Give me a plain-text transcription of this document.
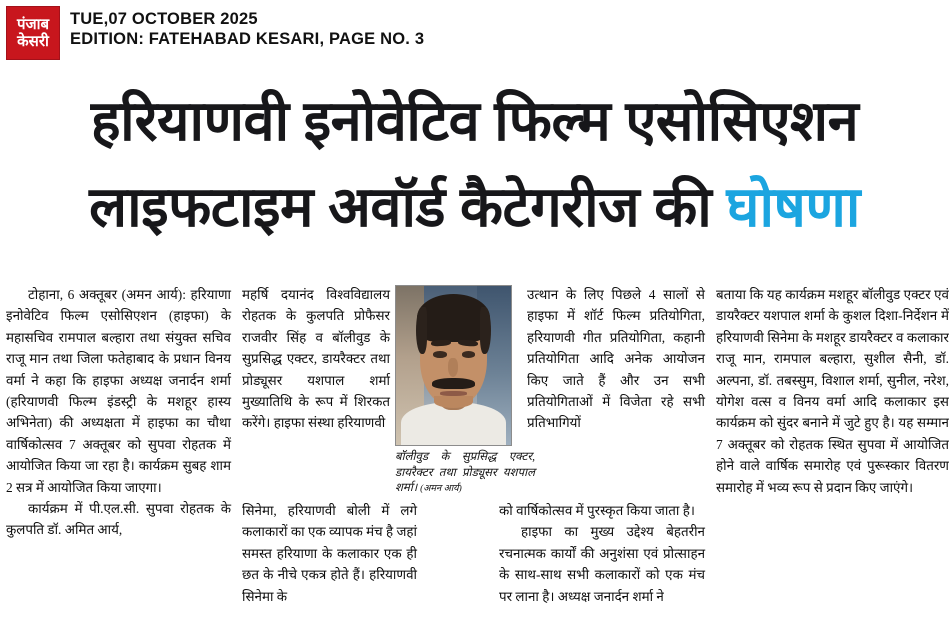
पंजाब
केसरी
TUE,07 OCTOBER 2025
EDITION: FATEHABAD KESARI, PAGE NO. 3
हरियाणवी इनोवेटिव फिल्म एसोसिएशन
लाइफटाइम अवॉर्ड कैटेगरीज की घोषणा

टोहाना, 6 अक्तूबर (अमन आर्य): हरियाणा इनोवेटिव फिल्म एसोसिएशन (हाइफा) के महासचिव रामपाल बल्हारा तथा संयुक्त सचिव राजू मान तथा जिला फतेहाबाद के प्रधान विनय वर्मा ने कहा कि हाइफा अध्यक्ष जनार्दन शर्मा (हरियाणवी फिल्म इंडस्ट्री के मशहूर हास्य अभिनेता) की अध्यक्षता में हाइफा का चौथा वार्षिकोत्सव 7 अक्तूबर को सुपवा रोहतक में आयोजित किया जा रहा है। कार्यक्रम सुबह शाम 2 सत्र में आयोजित किया जाएगा।

कार्यक्रम में पी.एल.सी. सुपवा रोहतक के कुलपति डॉ. अमित आर्य,

महर्षि दयानंद विश्वविद्यालय रोहतक के कुलपति प्रोफैसर राजवीर सिंह व बॉलीवुड के सुप्रसिद्ध एक्टर, डायरैक्टर तथा प्रोड्यूसर यशपाल शर्मा मुख्यातिथि के रूप में शिरकत करेंगे। हाइफा संस्था हरियाणवी

सिनेमा, हरियाणवी बोली में लगे कलाकारों का एक व्यापक मंच है जहां समस्त हरियाणा के कलाकार एक ही छत के नीचे एकत्र होते हैं। हरियाणवी सिनेमा के

उत्थान के लिए पिछले 4 सालों से हाइफा में शॉर्ट फिल्म प्रतियोगिता, हरियाणवी गीत प्रतियोगिता, कहानी प्रतियोगिता आदि अनेक आयोजन किए जाते हैं और उन सभी प्रतियोगिताओं में विजेता रहे सभी प्रतिभागियों

को वार्षिकोत्सव में पुरस्कृत किया जाता है।

हाइफा का मुख्य उद्देश्य बेहतरीन रचनात्मक कार्यों की अनुशंसा एवं प्रोत्साहन के साथ-साथ सभी कलाकारों को एक मंच पर लाना है। अध्यक्ष जनार्दन शर्मा ने

बताया कि यह कार्यक्रम मशहूर बॉलीवुड एक्टर एवं डायरैक्टर यशपाल शर्मा के कुशल दिशा-निर्देशन में हरियाणवी सिनेमा के मशहूर डायरैक्टर व कलाकार राजू मान, रामपाल बल्हारा, सुशील सैनी, डॉ. अल्पना, डॉ. तबस्सुम, विशाल शर्मा, सुनील, नरेश, योगेश वत्स व विनय वर्मा आदि कलाकार इस कार्यक्रम को सुंदर बनाने में जुटे हुए है। यह सम्मान 7 अक्तूबर को रोहतक स्थित सुपवा में आयोजित होने वाले वार्षिक समारोह एवं पुरूस्कार वितरण समारोह में भव्य रूप से प्रदान किए जाएंगे।

बॉलीवुड के सुप्रसिद्ध एक्टर, डायरैक्टर तथा प्रोड्यूसर यशपाल शर्मा। (अमन आर्य)
